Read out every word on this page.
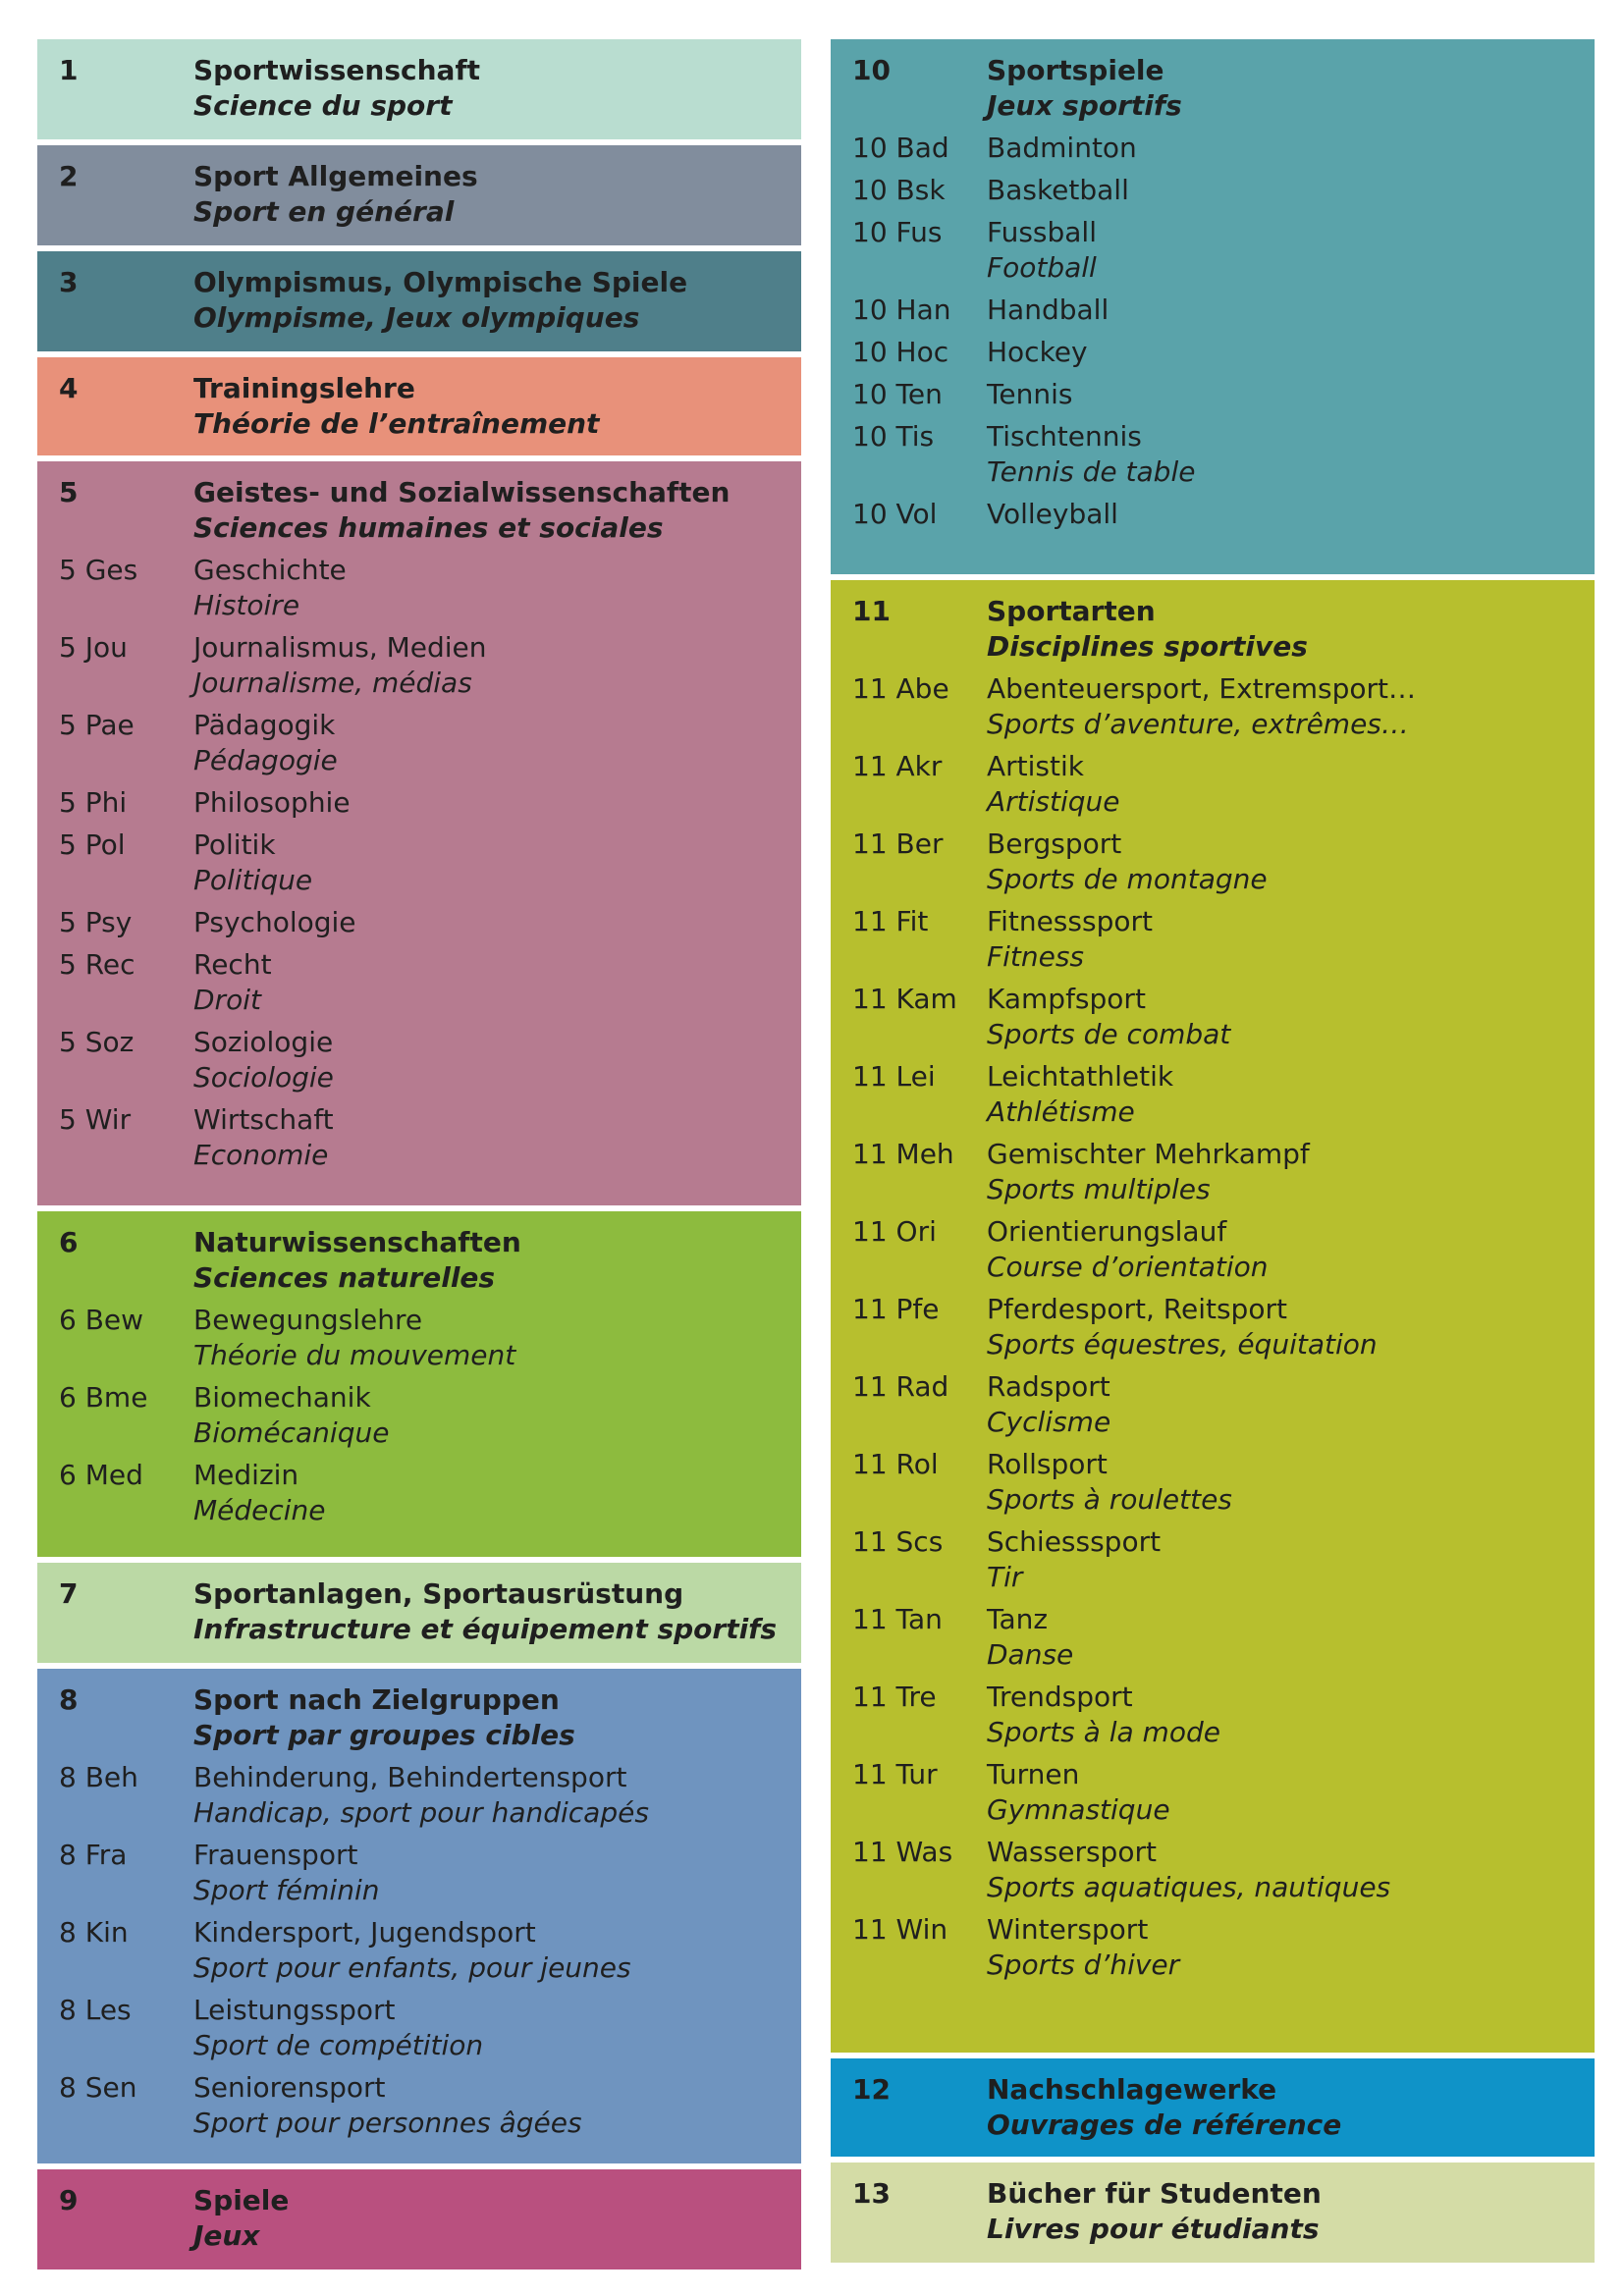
1	Sportwissenschaft
Science du sport
2	Sport Allgemeines
Sport en général
3	Olympismus, Olympische Spiele
Olympisme, Jeux olympiques
4	Trainingslehre
Théorie de l’entraînement
5	Geistes- und Sozialwissenschaften
Sciences humaines et sociales
5 Ges	Geschichte
Histoire
5 Jou	Journalismus, Medien
Journalisme, médias
5 Pae	Pädagogik
Pédagogie
5 Phi	Philosophie
5 Pol	Politik
Politique
5 Psy	Psychologie
5 Rec	Recht
Droit
5 Soz	Soziologie
Sociologie
5 Wir	Wirtschaft
Economie
6	Naturwissenschaften
Sciences naturelles
6 Bew	Bewegungslehre
Théorie du mouvement
6 Bme	Biomechanik
Biomécanique
6 Med	Medizin
Médecine
7	Sportanlagen, Sportausrüstung
Infrastructure et équipement sportifs
8	Sport nach Zielgruppen
Sport par groupes cibles
8 Beh	Behinderung, Behindertensport
Handicap, sport pour handicapés
8 Fra	Frauensport
Sport féminin
8 Kin	Kindersport, Jugendsport
Sport pour enfants, pour jeunes
8 Les	Leistungssport
Sport de compétition
8 Sen	Seniorensport
Sport pour personnes âgées
9	Spiele
Jeux
10	Sportspiele
Jeux sportifs
10 Bad	Badminton
10 Bsk	Basketball
10 Fus	Fussball
Football
10 Han	Handball
10 Hoc	Hockey
10 Ten	Tennis
10 Tis	Tischtennis
Tennis de table
10 Vol	Volleyball
11	Sportarten
Disciplines sportives
11 Abe	Abenteuersport, Extremsport…
Sports d’aventure, extrêmes…
11 Akr	Artistik
Artistique
11 Ber	Bergsport
Sports de montagne
11 Fit	Fitnesssport
Fitness
11 Kam	Kampfsport
Sports de combat
11 Lei	Leichtathletik
Athlétisme
11 Meh	Gemischter Mehrkampf
Sports multiples
11 Ori	Orientierungslauf
Course d’orientation
11 Pfe	Pferdesport, Reitsport
Sports équestres, équitation
11 Rad	Radsport
Cyclisme
11 Rol	Rollsport
Sports à roulettes
11 Scs	Schiesssport
Tir
11 Tan	Tanz
Danse
11 Tre	Trendsport
Sports à la mode
11 Tur	Turnen
Gymnastique
11 Was	Wassersport
Sports aquatiques, nautiques
11 Win	Wintersport
Sports d’hiver
12	Nachschlagewerke
Ouvrages de référence
13	Bücher für Studenten
Livres pour étudiants
